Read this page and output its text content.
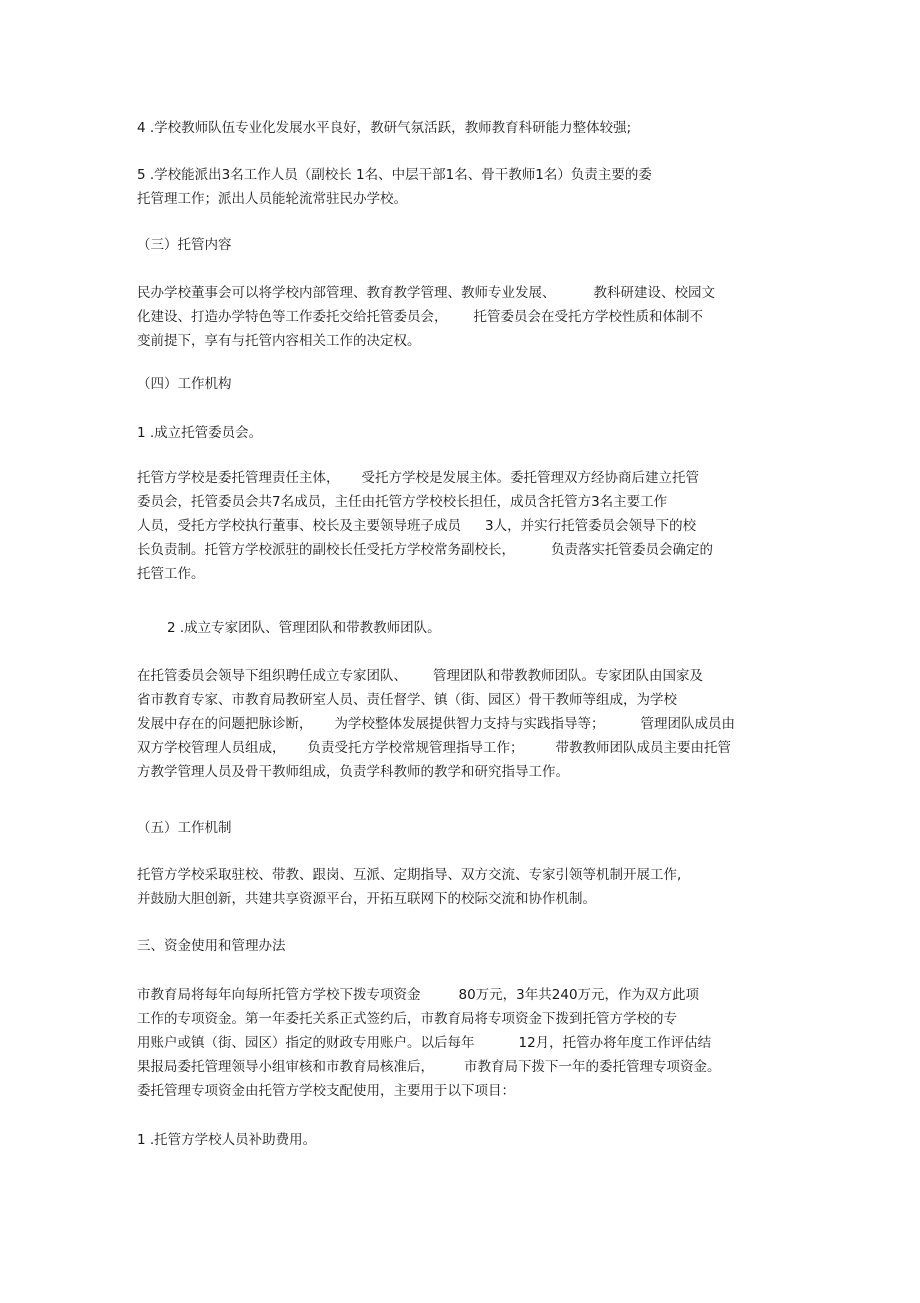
4 .学校教师队伍专业化发展水平良好，教研气氛活跃，教师教育科研能力整体较强;
5 .学校能派出3名工作人员（副校长 1名、中层干部1名、骨干教师1名）负责主要的委
托管理工作；派出人员能轮流常驻民办学校。
（三）托管内容
民办学校董事会可以将学校内部管理、教育教学管理、教师专业发展、	教科研建设、校园文
化建设、打造办学特色等工作委托交给托管委员会， 托管委员会在受托方学校性质和体制不
变前提下，享有与托管内容相关工作的决定权。
（四）工作机构
1 .成立托管委员会。
托管方学校是委托管理责任主体， 受托方学校是发展主体。委托管理双方经协商后建立托管
委员会，托管委员会共7名成员，主任由托管方学校校长担任，成员含托管方3名主要工作
人员，受托方学校执行董事、校长及主要领导班子成员 3人，并实行托管委员会领导下的校
长负责制。托管方学校派驻的副校长任受托方学校常务副校长，	负责落实托管委员会确定的
托管工作。
2 .成立专家团队、管理团队和带教教师团队。
在托管委员会领导下组织聘任成立专家团队、 管理团队和带教教师团队。专家团队由国家及
省市教育专家、市教育局教研室人员、责任督学、镇（街、园区）骨干教师等组成，为学校
发展中存在的问题把脉诊断， 为学校整体发展提供智力支持与实践指导等；	管理团队成员由
双方学校管理人员组成， 负责受托方学校常规管理指导工作； 带教教师团队成员主要由托管
方教学管理人员及骨干教师组成，负责学科教师的教学和研究指导工作。
（五）工作机制
托管方学校采取驻校、带教、跟岗、互派、定期指导、双方交流、专家引领等机制开展工作,
并鼓励大胆创新，共建共享资源平台，开拓互联网下的校际交流和协作机制。
三、资金使用和管理办法
市教育局将每年向每所托管方学校下拨专项资金	80万元，3年共240万元，作为双方此项
工作的专项资金。第一年委托关系正式签约后，市教育局将专项资金下拨到托管方学校的专
用账户或镇（街、园区）指定的财政专用账户。以后每年	12月，托管办将年度工作评估结
果报局委托管理领导小组审核和市教育局核准后， 市教育局下拨下一年的委托管理专项资金。
委托管理专项资金由托管方学校支配使用，主要用于以下项目：
1 .托管方学校人员补助费用。
